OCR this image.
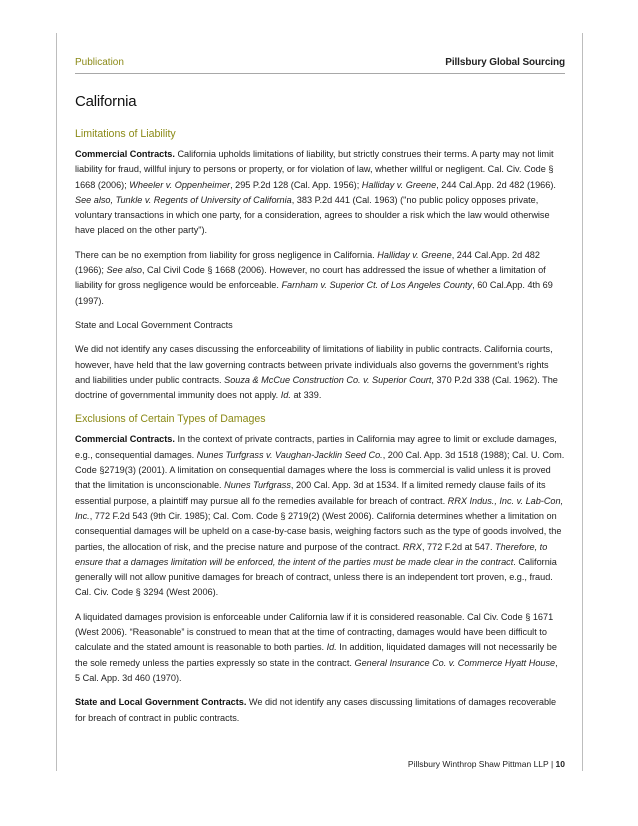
Publication	Pillsbury Global Sourcing
California
Limitations of Liability

Commercial Contracts. California upholds limitations of liability, but strictly construes their terms. A party may not limit liability for fraud, willful injury to persons or property, or for violation of law, whether willful or negligent. Cal. Civ. Code § 1668 (2006); Wheeler v. Oppenheimer, 295 P.2d 128 (Cal. App. 1956); Halliday v. Greene, 244 Cal.App. 2d 482 (1966). See also, Tunkle v. Regents of University of California, 383 P.2d 441 (Cal. 1963) ("no public policy opposes private, voluntary transactions in which one party, for a consideration, agrees to shoulder a risk which the law would otherwise have placed on the other party").

There can be no exemption from liability for gross negligence in California. Halliday v. Greene, 244 Cal.App. 2d 482 (1966); See also, Cal Civil Code § 1668 (2006). However, no court has addressed the issue of whether a limitation of liability for gross negligence would be enforceable. Farnham v. Superior Ct. of Los Angeles County, 60 Cal.App. 4th 69 (1997).

State and Local Government Contracts

We did not identify any cases discussing the enforceability of limitations of liability in public contracts. California courts, however, have held that the law governing contracts between private individuals also governs the government’s rights and liabilities under public contracts. Souza & McCue Construction Co. v. Superior Court, 370 P.2d 338 (Cal. 1962). The doctrine of governmental immunity does not apply. Id. at 339.

Exclusions of Certain Types of Damages

Commercial Contracts. In the context of private contracts, parties in California may agree to limit or exclude damages, e.g., consequential damages. Nunes Turfgrass v. Vaughan-Jacklin Seed Co., 200 Cal. App. 3d 1518 (1988); Cal. U. Com. Code §2719(3) (2001). A limitation on consequential damages where the loss is commercial is valid unless it is proved that the limitation is unconscionable. Nunes Turfgrass, 200 Cal. App. 3d at 1534. If a limited remedy clause fails of its essential purpose, a plaintiff may pursue all fo the remedies available for breach of contract. RRX Indus., Inc. v. Lab-Con, Inc., 772 F.2d 543 (9th Cir. 1985); Cal. Com. Code § 2719(2) (West 2006). California determines whether a limitation on consequential damages will be upheld on a case-by-case basis, weighing factors such as the type of goods involved, the parties, the allocation of risk, and the precise nature and purpose of the contract. RRX, 772 F.2d at 547. Therefore, to ensure that a damages limitation will be enforced, the intent of the parties must be made clear in the contract. California generally will not allow punitive damages for breach of contract, unless there is an independent tort proven, e.g., fraud. Cal. Civ. Code § 3294 (West 2006).

A liquidated damages provision is enforceable under California law if it is considered reasonable. Cal Civ. Code § 1671 (West 2006). “Reasonable” is construed to mean that at the time of contracting, damages would have been difficult to calculate and the stated amount is reasonable to both parties. Id. In addition, liquidated damages will not necessarily be the sole remedy unless the parties expressly so state in the contract. General Insurance Co. v. Commerce Hyatt House, 5 Cal. App. 3d 460 (1970).

State and Local Government Contracts. We did not identify any cases discussing limitations of damages recoverable for breach of contract in public contracts.

Pillsbury Winthrop Shaw Pittman LLP | 10
